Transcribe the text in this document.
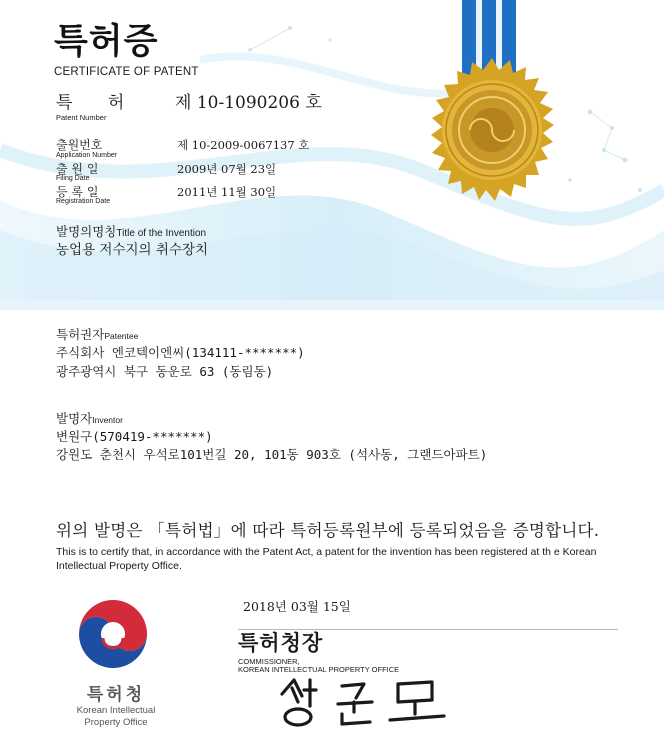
특허증
CERTIFICATE OF PATENT
특 허	제 10-1090206 호
Patent Number
출원번호
Application Number
제 10-2009-0067137 호
출 원 일
Filing Date
2009년 07월 23일
등 록 일
Registration Date
2011년 11월 30일
발명의명칭Title of the Invention
농업용 저수지의 취수장치
특허권자Patentee
주식회사 엔코텍이엔씨(134111-*******)
광주광역시 북구 동운로 63 (동림동)
발명자Inventor
변원구(570419-*******)
강원도 춘천시 우석로101번길 20, 101동 903호 (석사동, 그랜드아파트)
위의 발명은 「특허법」에 따라 특허등록원부에 등록되었음을 증명합니다.
This is to certify that, in accordance with the Patent Act, a patent for the invention has been registered at th e Korean Intellectual Property Office.
2018년 03월 15일
특허청장
COMMISSIONER,
KOREAN INTELLECTUAL PROPERTY OFFICE
특허청
Korean Intellectual
Property Office
